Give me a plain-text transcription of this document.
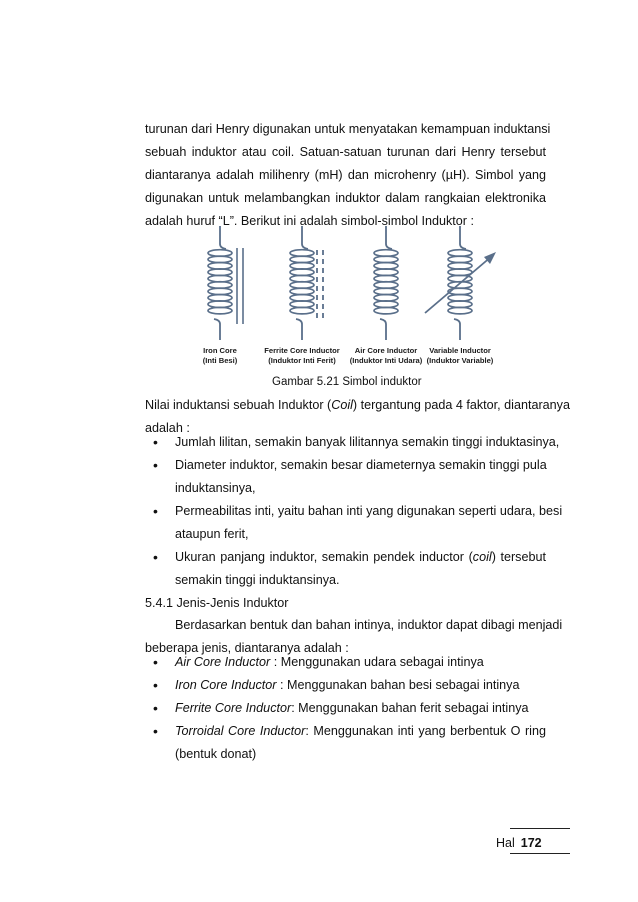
turunan dari Henry digunakan untuk menyatakan kemampuan induktansi
sebuah induktor atau coil. Satuan-satuan turunan dari Henry tersebut
diantaranya adalah milihenry (mH) dan microhenry (µH). Simbol yang
digunakan untuk melambangkan induktor dalam rangkaian elektronika
adalah huruf “L”. Berikut ini adalah simbol-simbol Induktor :
Iron Core
(Inti Besi)
Ferrite Core Inductor
(Induktor Inti Ferit)
Air Core Inductor
(Induktor Inti Udara)
Variable Inductor
(Induktor Variable)
Gambar 5.21 Simbol induktor
Nilai induktansi sebuah Induktor (Coil) tergantung pada 4 faktor, diantaranya
adalah :
•	Jumlah lilitan, semakin banyak lilitannya semakin tinggi induktasinya,
•	Diameter induktor, semakin besar diameternya semakin tinggi pula
induktansinya,
•	Permeabilitas inti, yaitu bahan inti yang digunakan seperti udara, besi
ataupun ferit,
•	Ukuran panjang induktor, semakin pendek inductor (coil) tersebut
semakin tinggi induktansinya.
5.4.1 Jenis-Jenis Induktor
Berdasarkan bentuk dan bahan intinya, induktor dapat dibagi menjadi
beberapa jenis, diantaranya adalah :
•	Air Core Inductor : Menggunakan udara sebagai intinya
•	Iron Core Inductor : Menggunakan bahan besi sebagai intinya
•	Ferrite Core Inductor: Menggunakan bahan ferit sebagai intinya
•	Torroidal Core Inductor: Menggunakan inti yang berbentuk O ring
(bentuk donat)
Hal 172
